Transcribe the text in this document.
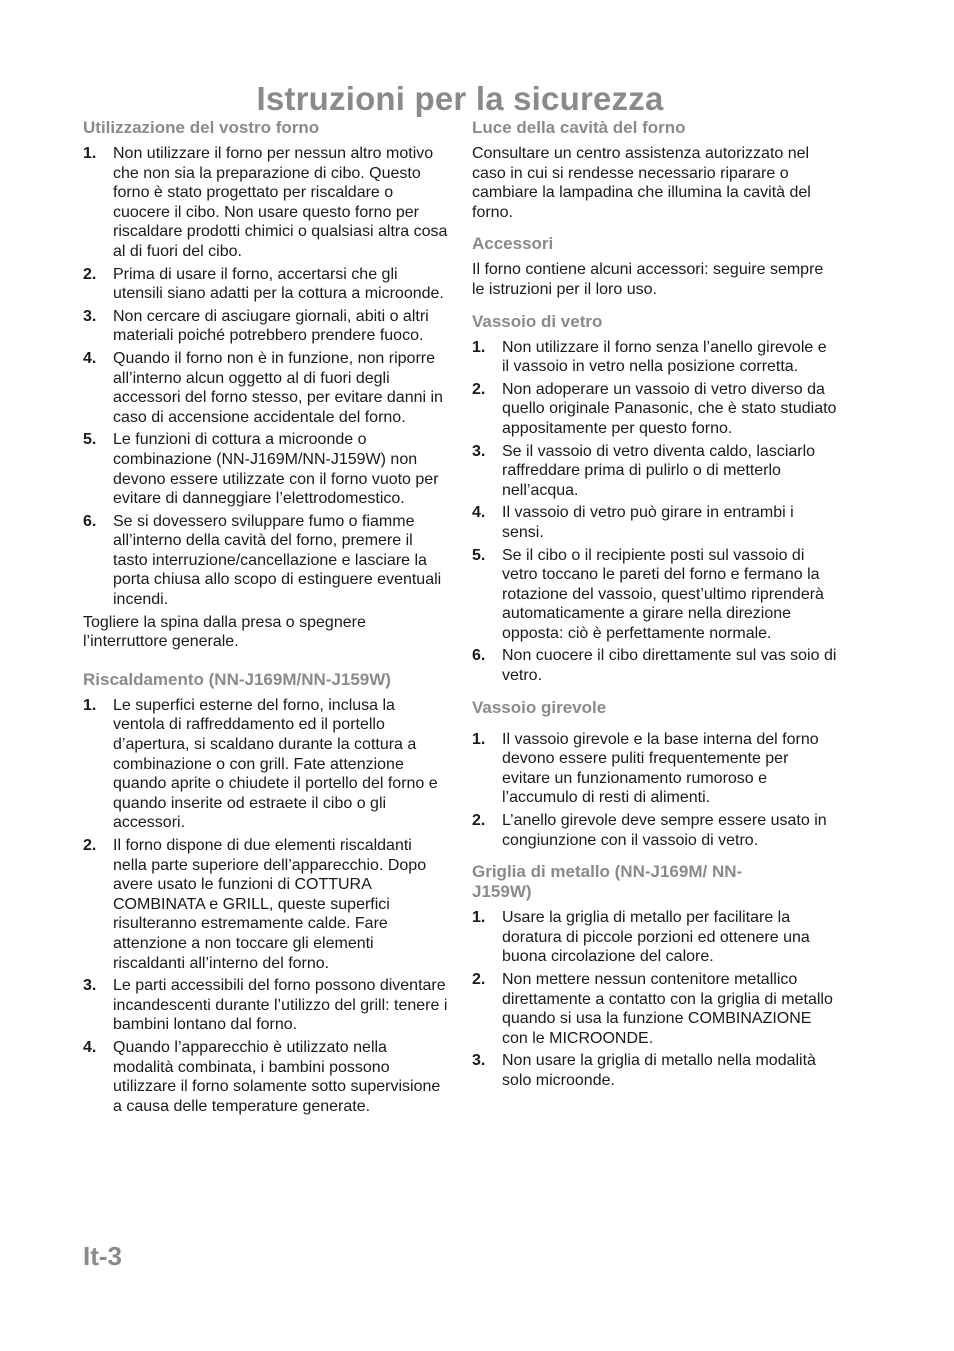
Istruzioni per la sicurezza
Utilizzazione del vostro forno
1.	Non utilizzare il forno per nessun altro motivo che non sia la preparazione di cibo. Questo forno è stato progettato per riscaldare o cuocere il cibo. Non usare questo forno per riscaldare prodotti chimici o qualsiasi altra cosa al di fuori del cibo.
2.	Prima di usare il forno, accertarsi che gli utensili siano adatti per la cottura a microonde.
3.	Non cercare di asciugare giornali, abiti o altri materiali poiché potrebbero prendere fuoco.
4.	Quando il forno non è in funzione, non riporre all’interno alcun oggetto al di fuori degli accessori del forno stesso, per evitare danni in caso di accensione accidentale del forno.
5.	Le funzioni di cottura a microonde o combinazione (NN-J169M/NN-J159W) non devono essere utilizzate con il forno vuoto per evitare di danneggiare l’elettrodomestico.
6.	Se si dovessero sviluppare fumo o fiamme all’interno della cavità del forno, premere il tasto interruzione/cancellazione e lasciare la porta chiusa allo scopo di estinguere eventuali incendi.

Togliere la spina dalla presa o spegnere l’interruttore generale.

Riscaldamento (NN-J169M/NN-J159W)
1.	Le superfici esterne del forno, inclusa la ventola di raffreddamento ed il portello d’apertura, si scaldano durante la cottura a combinazione o con grill. Fate attenzione quando aprite o chiudete il portello del forno e quando inserite od estraete il cibo o gli accessori.
2.	Il forno dispone di due elementi riscaldanti nella parte superiore dell’apparecchio. Dopo avere usato le funzioni di COTTURA COMBINATA e GRILL, queste superfici risulteranno estremamente calde. Fare attenzione a non toccare gli elementi riscaldanti all’interno del forno.
3.	Le parti accessibili del forno possono diventare incandescenti durante l’utilizzo del grill: tenere i bambini lontano dal forno.
4.	Quando l’apparecchio è utilizzato nella modalità combinata, i bambini possono utilizzare il forno solamente sotto supervisione a causa delle temperature generate.
Luce della cavità del forno

Consultare un centro assistenza autorizzato nel caso in cui si rendesse necessario riparare o cambiare la lampadina che illumina la cavità del forno.

Accessori

Il forno contiene alcuni accessori: seguire sempre le istruzioni per il loro uso.

Vassoio di vetro
1.	Non utilizzare il forno senza l’anello girevole e il vassoio in vetro nella posizione corretta.
2.	Non adoperare un vassoio di vetro diverso da quello originale Panasonic, che è stato studiato appositamente per questo forno.
3.	Se il vassoio di vetro diventa caldo, lasciarlo raffreddare prima di pulirlo o di metterlo nell’acqua.
4.	Il vassoio di vetro può girare in entrambi i sensi.
5.	Se il cibo o il recipiente posti sul vassoio di vetro toccano le pareti del forno e fermano la rotazione del vassoio, quest’ultimo riprenderà automaticamente a girare nella direzione opposta: ciò è perfettamente normale.
6.	Non cuocere il cibo direttamente sul vas soio di vetro.
Vassoio girevole
1.	Il vassoio girevole e la base interna del forno devono essere puliti frequentemente per evitare un funzionamento rumoroso e l’accumulo di resti di alimenti.
2.	L’anello girevole deve sempre essere usato in congiunzione con il vassoio di vetro.
Griglia di metallo (NN-J169M/ NN-J159W)
1.	Usare la griglia di metallo per facilitare la doratura di piccole porzioni ed ottenere una buona circolazione del calore.
2.	Non mettere nessun contenitore metallico direttamente a contatto con la griglia di metallo quando si usa la funzione COMBINAZIONE con le MICROONDE.
3.	Non usare la griglia di metallo nella modalità solo microonde.
It-3
